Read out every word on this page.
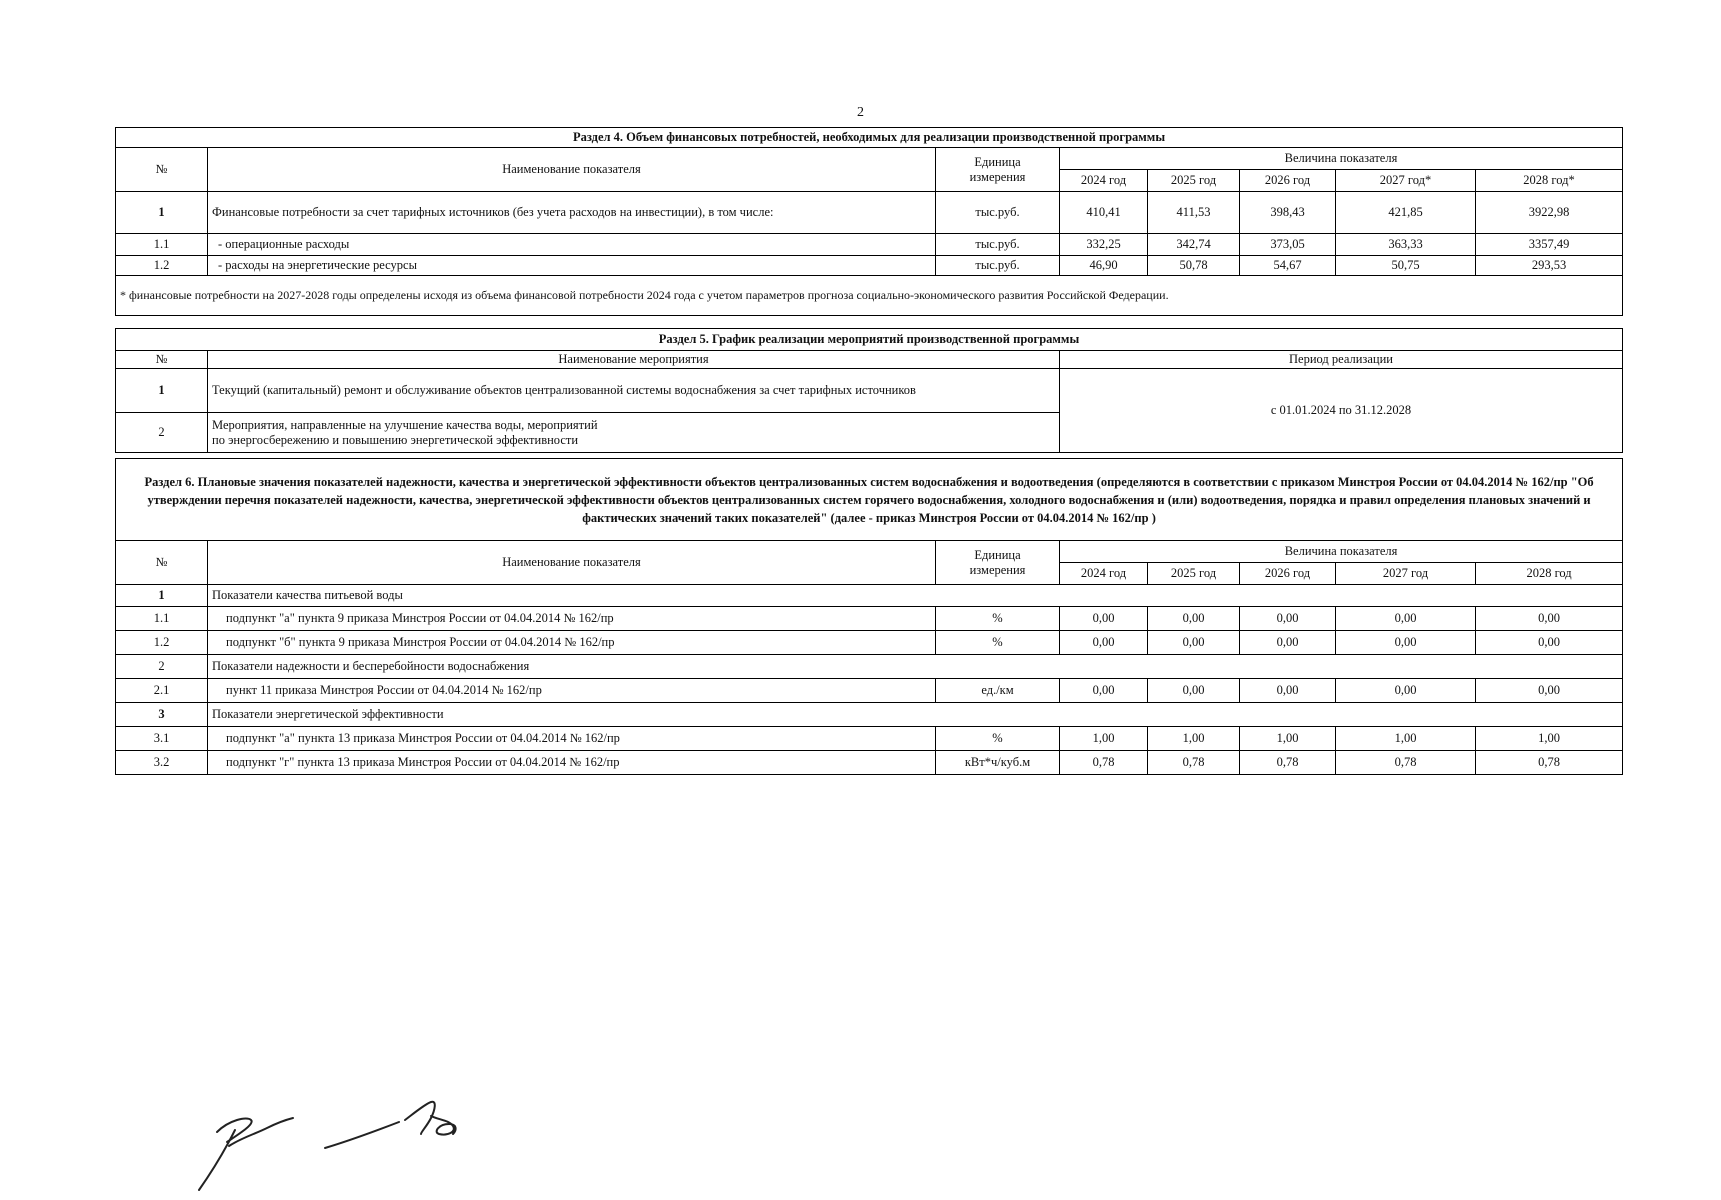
2
Раздел 4. Объем финансовых потребностей, необходимых для реализации производственной программы							
№	Наименование показателя	Единица
измерения	Величина показателя				
			2024 год	2025 год	2026 год	2027 год*	2028 год*
1	Финансовые потребности за счет тарифных источников (без учета расходов на инвестиции), в том числе:	тыс.руб.	410,41	411,53	398,43	421,85	3922,98
1.1	- операционные расходы	тыс.руб.	332,25	342,74	373,05	363,33	3357,49
1.2	- расходы на энергетические ресурсы	тыс.руб.	46,90	50,78	54,67	50,75	293,53
* финансовые потребности на 2027-2028 годы определены исходя из объема финансовой потребности 2024 года с учетом параметров прогноза социально-экономического развития Российской Федерации.							
Раздел 5. График реализации мероприятий производственной программы		
№	Наименование мероприятия	Период реализации
1	Текущий (капитальный) ремонт и обслуживание объектов централизованной системы водоснабжения за счет тарифных источников	с 01.01.2024 по 31.12.2028
2	Мероприятия, направленные на улучшение качества воды, мероприятий
по энергосбережению и повышению энергетической эффективности	
Раздел 6. Плановые значения показателей надежности, качества и энергетической эффективности объектов централизованных систем водоснабжения и водоотведения (определяются в соответствии с приказом Минстроя России от 04.04.2014 № 162/пр "Об утверждении перечня показателей надежности, качества, энергетической эффективности объектов централизованных систем горячего водоснабжения, холодного водоснабжения и (или) водоотведения, порядка и правил определения плановых значений и фактических значений таких показателей" (далее - приказ Минстроя России от 04.04.2014 № 162/пр )							
№	Наименование показателя	Единица
измерения	Величина показателя				
			2024 год	2025 год	2026 год	2027 год	2028 год
1	Показатели качества питьевой воды						
1.1	подпункт "а" пункта 9 приказа Минстроя России от 04.04.2014 № 162/пр	%	0,00	0,00	0,00	0,00	0,00
1.2	подпункт "б" пункта 9 приказа Минстроя России от 04.04.2014 № 162/пр	%	0,00	0,00	0,00	0,00	0,00
2	Показатели надежности и бесперебойности водоснабжения						
2.1	пункт 11 приказа Минстроя России от 04.04.2014 № 162/пр	ед./км	0,00	0,00	0,00	0,00	0,00
3	Показатели энергетической эффективности						
3.1	подпункт "а" пункта 13 приказа Минстроя России от 04.04.2014 № 162/пр	%	1,00	1,00	1,00	1,00	1,00
3.2	подпункт "г" пункта 13 приказа Минстроя России от 04.04.2014 № 162/пр	кВт*ч/куб.м	0,78	0,78	0,78	0,78	0,78
